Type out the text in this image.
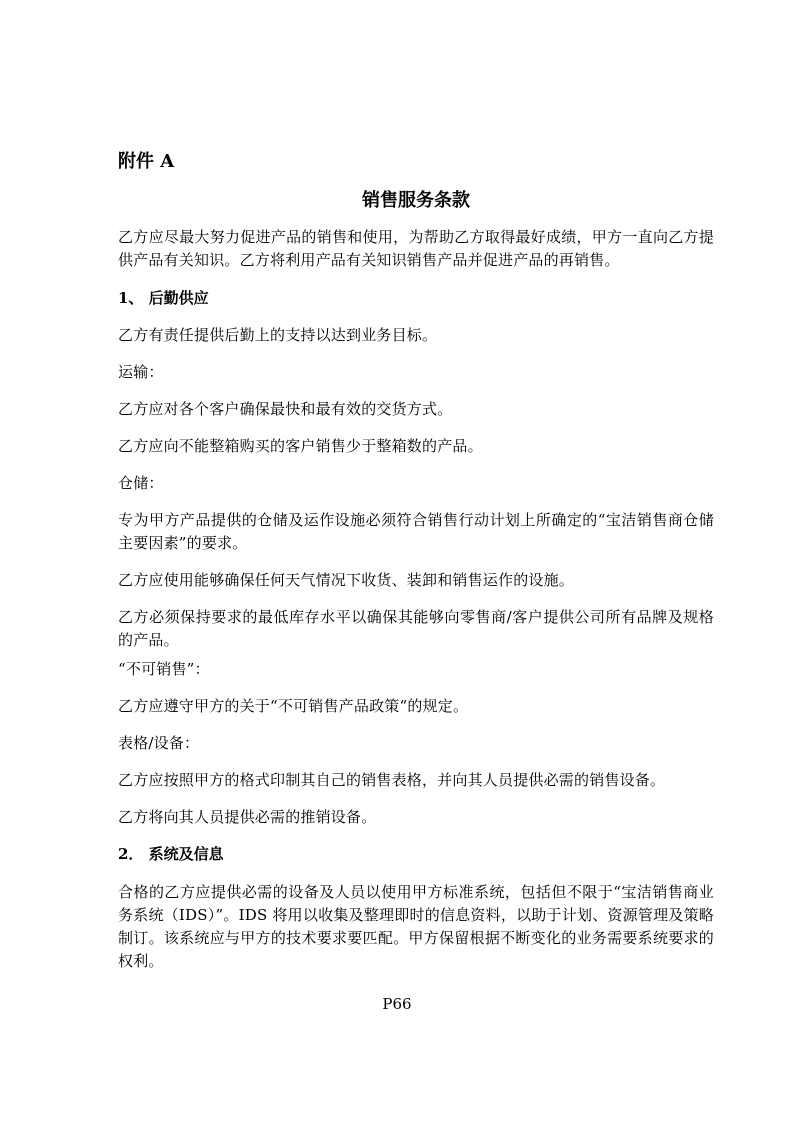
附件 A

销售服务条款

乙方应尽最大努力促进产品的销售和使用，为帮助乙方取得最好成绩，甲方一直向乙方提供产品有关知识。乙方将利用产品有关知识销售产品并促进产品的再销售。

1、 后勤供应

乙方有责任提供后勤上的支持以达到业务目标。

运输：

乙方应对各个客户确保最快和最有效的交货方式。

乙方应向不能整箱购买的客户销售少于整箱数的产品。

仓储：

专为甲方产品提供的仓储及运作设施必须符合销售行动计划上所确定的“宝洁销售商仓储主要因素”的要求。

乙方应使用能够确保任何天气情况下收货、装卸和销售运作的设施。

乙方必须保持要求的最低库存水平以确保其能够向零售商/客户提供公司所有品牌及规格的产品。

“不可销售”：

乙方应遵守甲方的关于“不可销售产品政策“的规定。

表格/设备：

乙方应按照甲方的格式印制其自己的销售表格，并向其人员提供必需的销售设备。

乙方将向其人员提供必需的推销设备。

2． 系统及信息

合格的乙方应提供必需的设备及人员以使用甲方标准系统，包括但不限于“宝洁销售商业务系统（IDS）”。IDS 将用以收集及整理即时的信息资料，以助于计划、资源管理及策略制订。该系统应与甲方的技术要求要匹配。甲方保留根据不断变化的业务需要系统要求的权利。

P66
